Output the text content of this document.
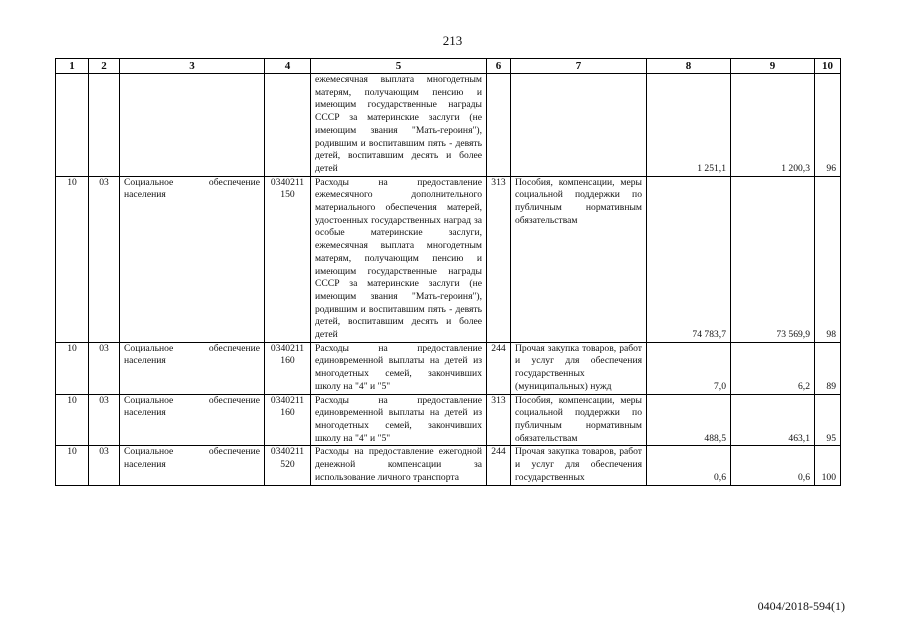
213
1	2	3	4	5	6	7	8	9	10
				ежемесячная выплата многодетным матерям, получающим пенсию и имеющим государственные награды СССР за материнские заслуги (не имеющим звания "Мать-героиня"), родившим и воспитавшим пять - девять детей, воспитавшим десять и более детей			1 251,1	1 200,3	96
10	03	Социальное обеспечение населения	0340211 150	Расходы на предоставление ежемесячного дополнительного материального обеспечения матерей, удостоенных государственных наград за особые материнские заслуги, ежемесячная выплата многодетным матерям, получающим пенсию и имеющим государственные награды СССР за материнские заслуги (не имеющим звания "Мать-героиня"), родившим и воспитавшим пять - девять детей, воспитавшим десять и более детей	313	Пособия, компенсации, меры социальной поддержки по публичным нормативным обязательствам	74 783,7	73 569,9	98
10	03	Социальное обеспечение населения	0340211 160	Расходы на предоставление единовременной выплаты на детей из многодетных семей, закончивших школу на "4" и "5"	244	Прочая закупка товаров, работ и услуг для обеспечения государственных (муниципальных) нужд	7,0	6,2	89
10	03	Социальное обеспечение населения	0340211 160	Расходы на предоставление единовременной выплаты на детей из многодетных семей, закончивших школу на "4" и "5"	313	Пособия, компенсации, меры социальной поддержки по публичным нормативным обязательствам	488,5	463,1	95
10	03	Социальное обеспечение населения	0340211 520	Расходы на предоставление ежегодной денежной компенсации за использование личного транспорта	244	Прочая закупка товаров, работ и услуг для обеспечения государственных	0,6	0,6	100
0404/2018-594(1)
